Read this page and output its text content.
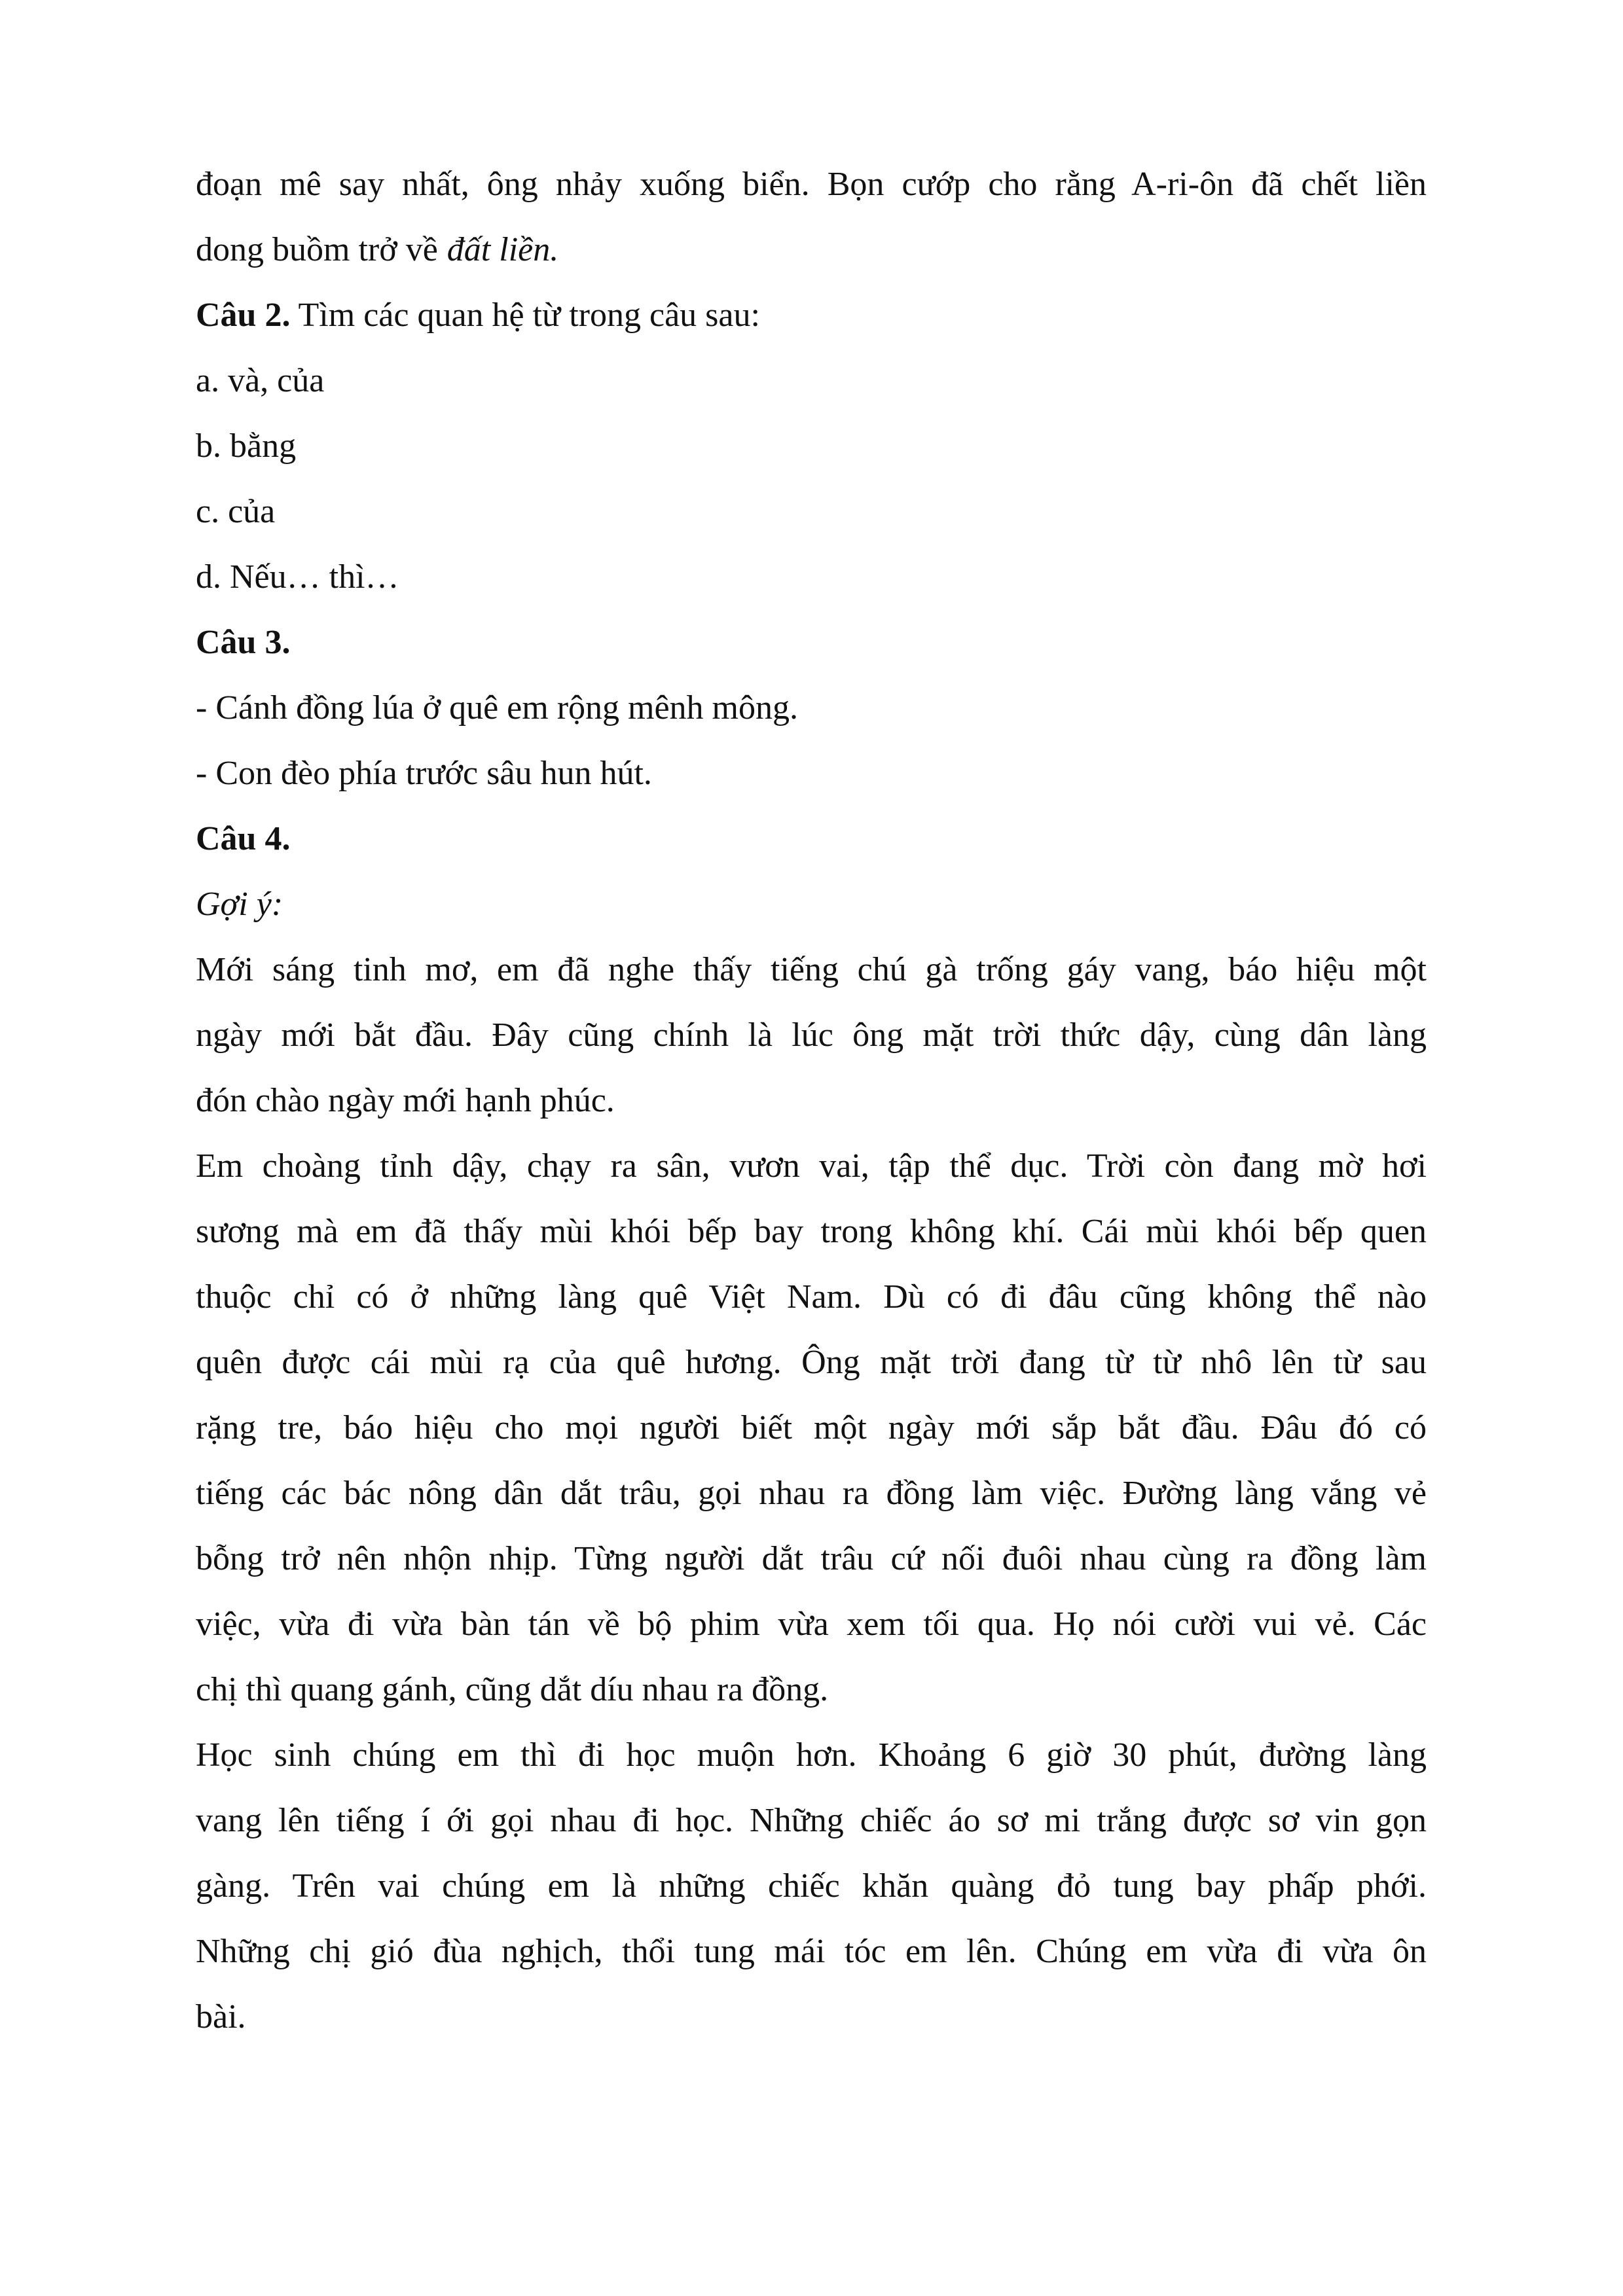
đoạn mê say nhất, ông nhảy xuống biển. Bọn cướp cho rằng A-ri-ôn đã chết liền
dong buồm trở về đất liền.
Câu 2. Tìm các quan hệ từ trong câu sau:
a. và, của
b. bằng
c. của
d. Nếu… thì…
Câu 3.
- Cánh đồng lúa ở quê em rộng mênh mông.
- Con đèo phía trước sâu hun hút.
Câu 4.
Gợi ý:
Mới sáng tinh mơ, em đã nghe thấy tiếng chú gà trống gáy vang, báo hiệu một
ngày mới bắt đầu. Đây cũng chính là lúc ông mặt trời thức dậy, cùng dân làng
đón chào ngày mới hạnh phúc.
Em choàng tỉnh dậy, chạy ra sân, vươn vai, tập thể dục. Trời còn đang mờ hơi
sương mà em đã thấy mùi khói bếp bay trong không khí. Cái mùi khói bếp quen
thuộc chỉ có ở những làng quê Việt Nam. Dù có đi đâu cũng không thể nào
quên được cái mùi rạ của quê hương. Ông mặt trời đang từ từ nhô lên từ sau
rặng tre, báo hiệu cho mọi người biết một ngày mới sắp bắt đầu. Đâu đó có
tiếng các bác nông dân dắt trâu, gọi nhau ra đồng làm việc. Đường làng vắng vẻ
bỗng trở nên nhộn nhịp. Từng người dắt trâu cứ nối đuôi nhau cùng ra đồng làm
việc, vừa đi vừa bàn tán về bộ phim vừa xem tối qua. Họ nói cười vui vẻ. Các
chị thì quang gánh, cũng dắt díu nhau ra đồng.
Học sinh chúng em thì đi học muộn hơn. Khoảng 6 giờ 30 phút, đường làng
vang lên tiếng í ới gọi nhau đi học. Những chiếc áo sơ mi trắng được sơ vin gọn
gàng. Trên vai chúng em là những chiếc khăn quàng đỏ tung bay phấp phới.
Những chị gió đùa nghịch, thổi tung mái tóc em lên. Chúng em vừa đi vừa ôn
bài.
